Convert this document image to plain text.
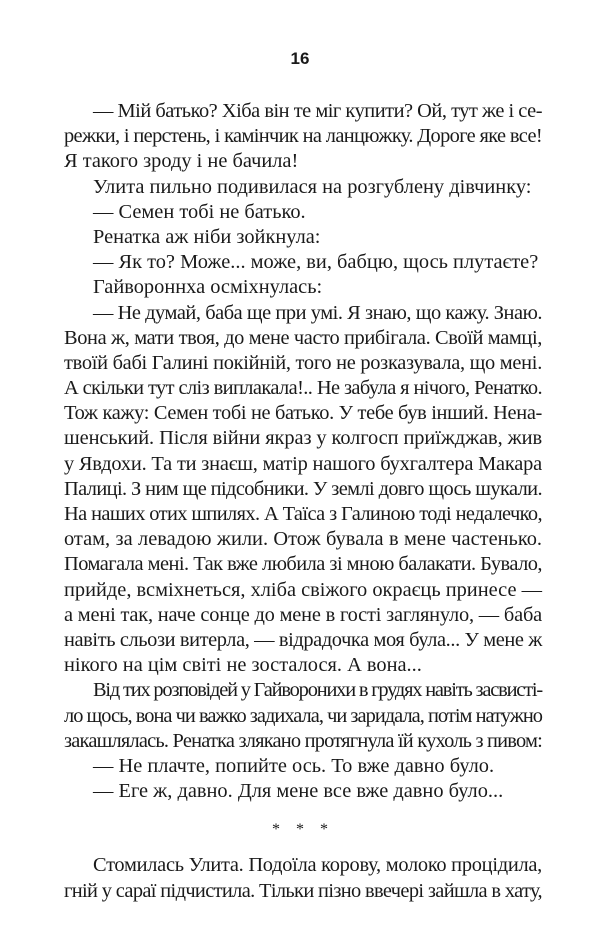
16
— Мій батько? Хіба він те міг купити? Ой, тут же і се-
режки, і перстень, і камінчик на ланцюжку. Дороге яке все!
Я такого зроду і не бачила!
Улита пильно подивилася на розгублену дівчинку:
— Семен тобі не батько.
Ренатка аж ніби зойкнула:
— Як то? Може... може, ви, бабцю, щось плутаєте?
Гайвороннха осміхнулась:
— Не думай, баба ще при умі. Я знаю, що кажу. Знаю.
Вона ж, мати твоя, до мене часто прибігала. Своїй мамці,
твоїй бабі Галині покійній, того не розказувала, що мені.
А скільки тут сліз виплакала!.. Не забула я нічого, Ренатко.
Тож кажу: Семен тобі не батько. У тебе був інший. Нена-
шенський. Після війни якраз у колгосп приїжджав, жив
у Явдохи. Та ти знаєш, матір нашого бухгалтера Макара
Палиці. З ним ще підсобники. У землі довго щось шукали.
На наших отих шпилях. А Таїса з Галиною тоді недалечко,
отам, за левадою жили. Отож бувала в мене частенько.
Помагала мені. Так вже любила зі мною балакати. Бувало,
прийде, всміхнеться, хліба свіжого окраєць принесе —
а мені так, наче сонце до мене в гості заглянуло, — баба
навіть сльози витерла, — відрадочка моя була... У мене ж
нікого на цім світі не зосталося. А вона...
Від тих розповідей у Гайворонихи в грудях навіть засвисті-
ло щось, вона чи важко задихала, чи заридала, потім натужно
закашлялась. Ренатка злякано протягнула їй кухоль з пивом:
— Не плачте, попийте ось. То вже давно було.
— Еге ж, давно. Для мене все вже давно було...
* * *
Стомилась Улита. Подоїла корову, молоко процідила,
гній у сараї підчистила. Тільки пізно ввечері зайшла в хату,
